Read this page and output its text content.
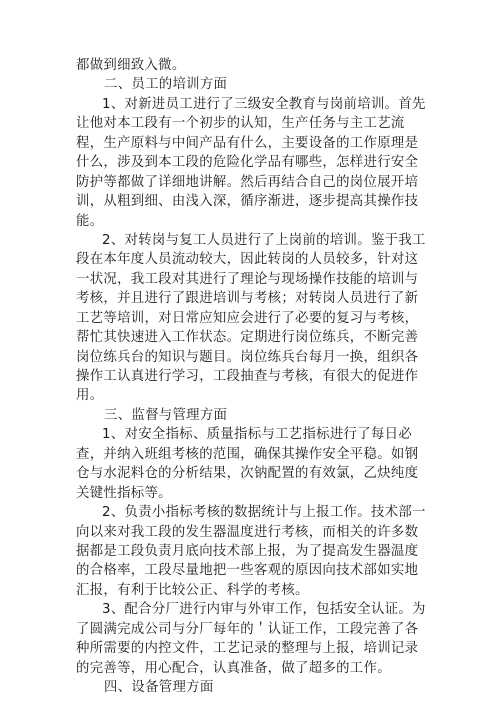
都做到细致入微。
二、员工的培训方面
1、对新进员工进行了三级安全教育与岗前培训。首先
让他对本工段有一个初步的认知，生产任务与主工艺流
程，生产原料与中间产品有什么，主要设备的工作原理是
什么，涉及到本工段的危险化学品有哪些，怎样进行安全
防护等都做了详细地讲解。然后再结合自己的岗位展开培
训，从粗到细、由浅入深，循序渐进，逐步提高其操作技
能。
2、对转岗与复工人员进行了上岗前的培训。鉴于我工
段在本年度人员流动较大，因此转岗的人员较多，针对这
一状况，我工段对其进行了理论与现场操作技能的培训与
考核，并且进行了跟进培训与考核；对转岗人员进行了新
工艺等培训，对日常应知应会进行了必要的复习与考核，
帮忙其快速进入工作状态。定期进行岗位练兵，不断完善
岗位练兵台的知识与题目。岗位练兵台每月一换，组织各
操作工认真进行学习，工段抽查与考核，有很大的促进作
用。
三、监督与管理方面
1、对安全指标、质量指标与工艺指标进行了每日必
查，并纳入班组考核的范围，确保其操作安全平稳。如钢
仓与水泥料仓的分析结果，次钠配置的有效氯，乙炔纯度
关键性指标等。
2、负责小指标考核的数据统计与上报工作。技术部一
向以来对我工段的发生器温度进行考核，而相关的许多数
据都是工段负责月底向技术部上报，为了提高发生器温度
的合格率，工段尽量地把一些客观的原因向技术部如实地
汇报，有利于比较公正、科学的考核。
3、配合分厂进行内审与外审工作，包括安全认证。为
了圆满完成公司与分厂每年的＇认证工作，工段完善了各
种所需要的内控文件，工艺记录的整理与上报，培训记录
的完善等，用心配合，认真准备，做了超多的工作。
四、设备管理方面
